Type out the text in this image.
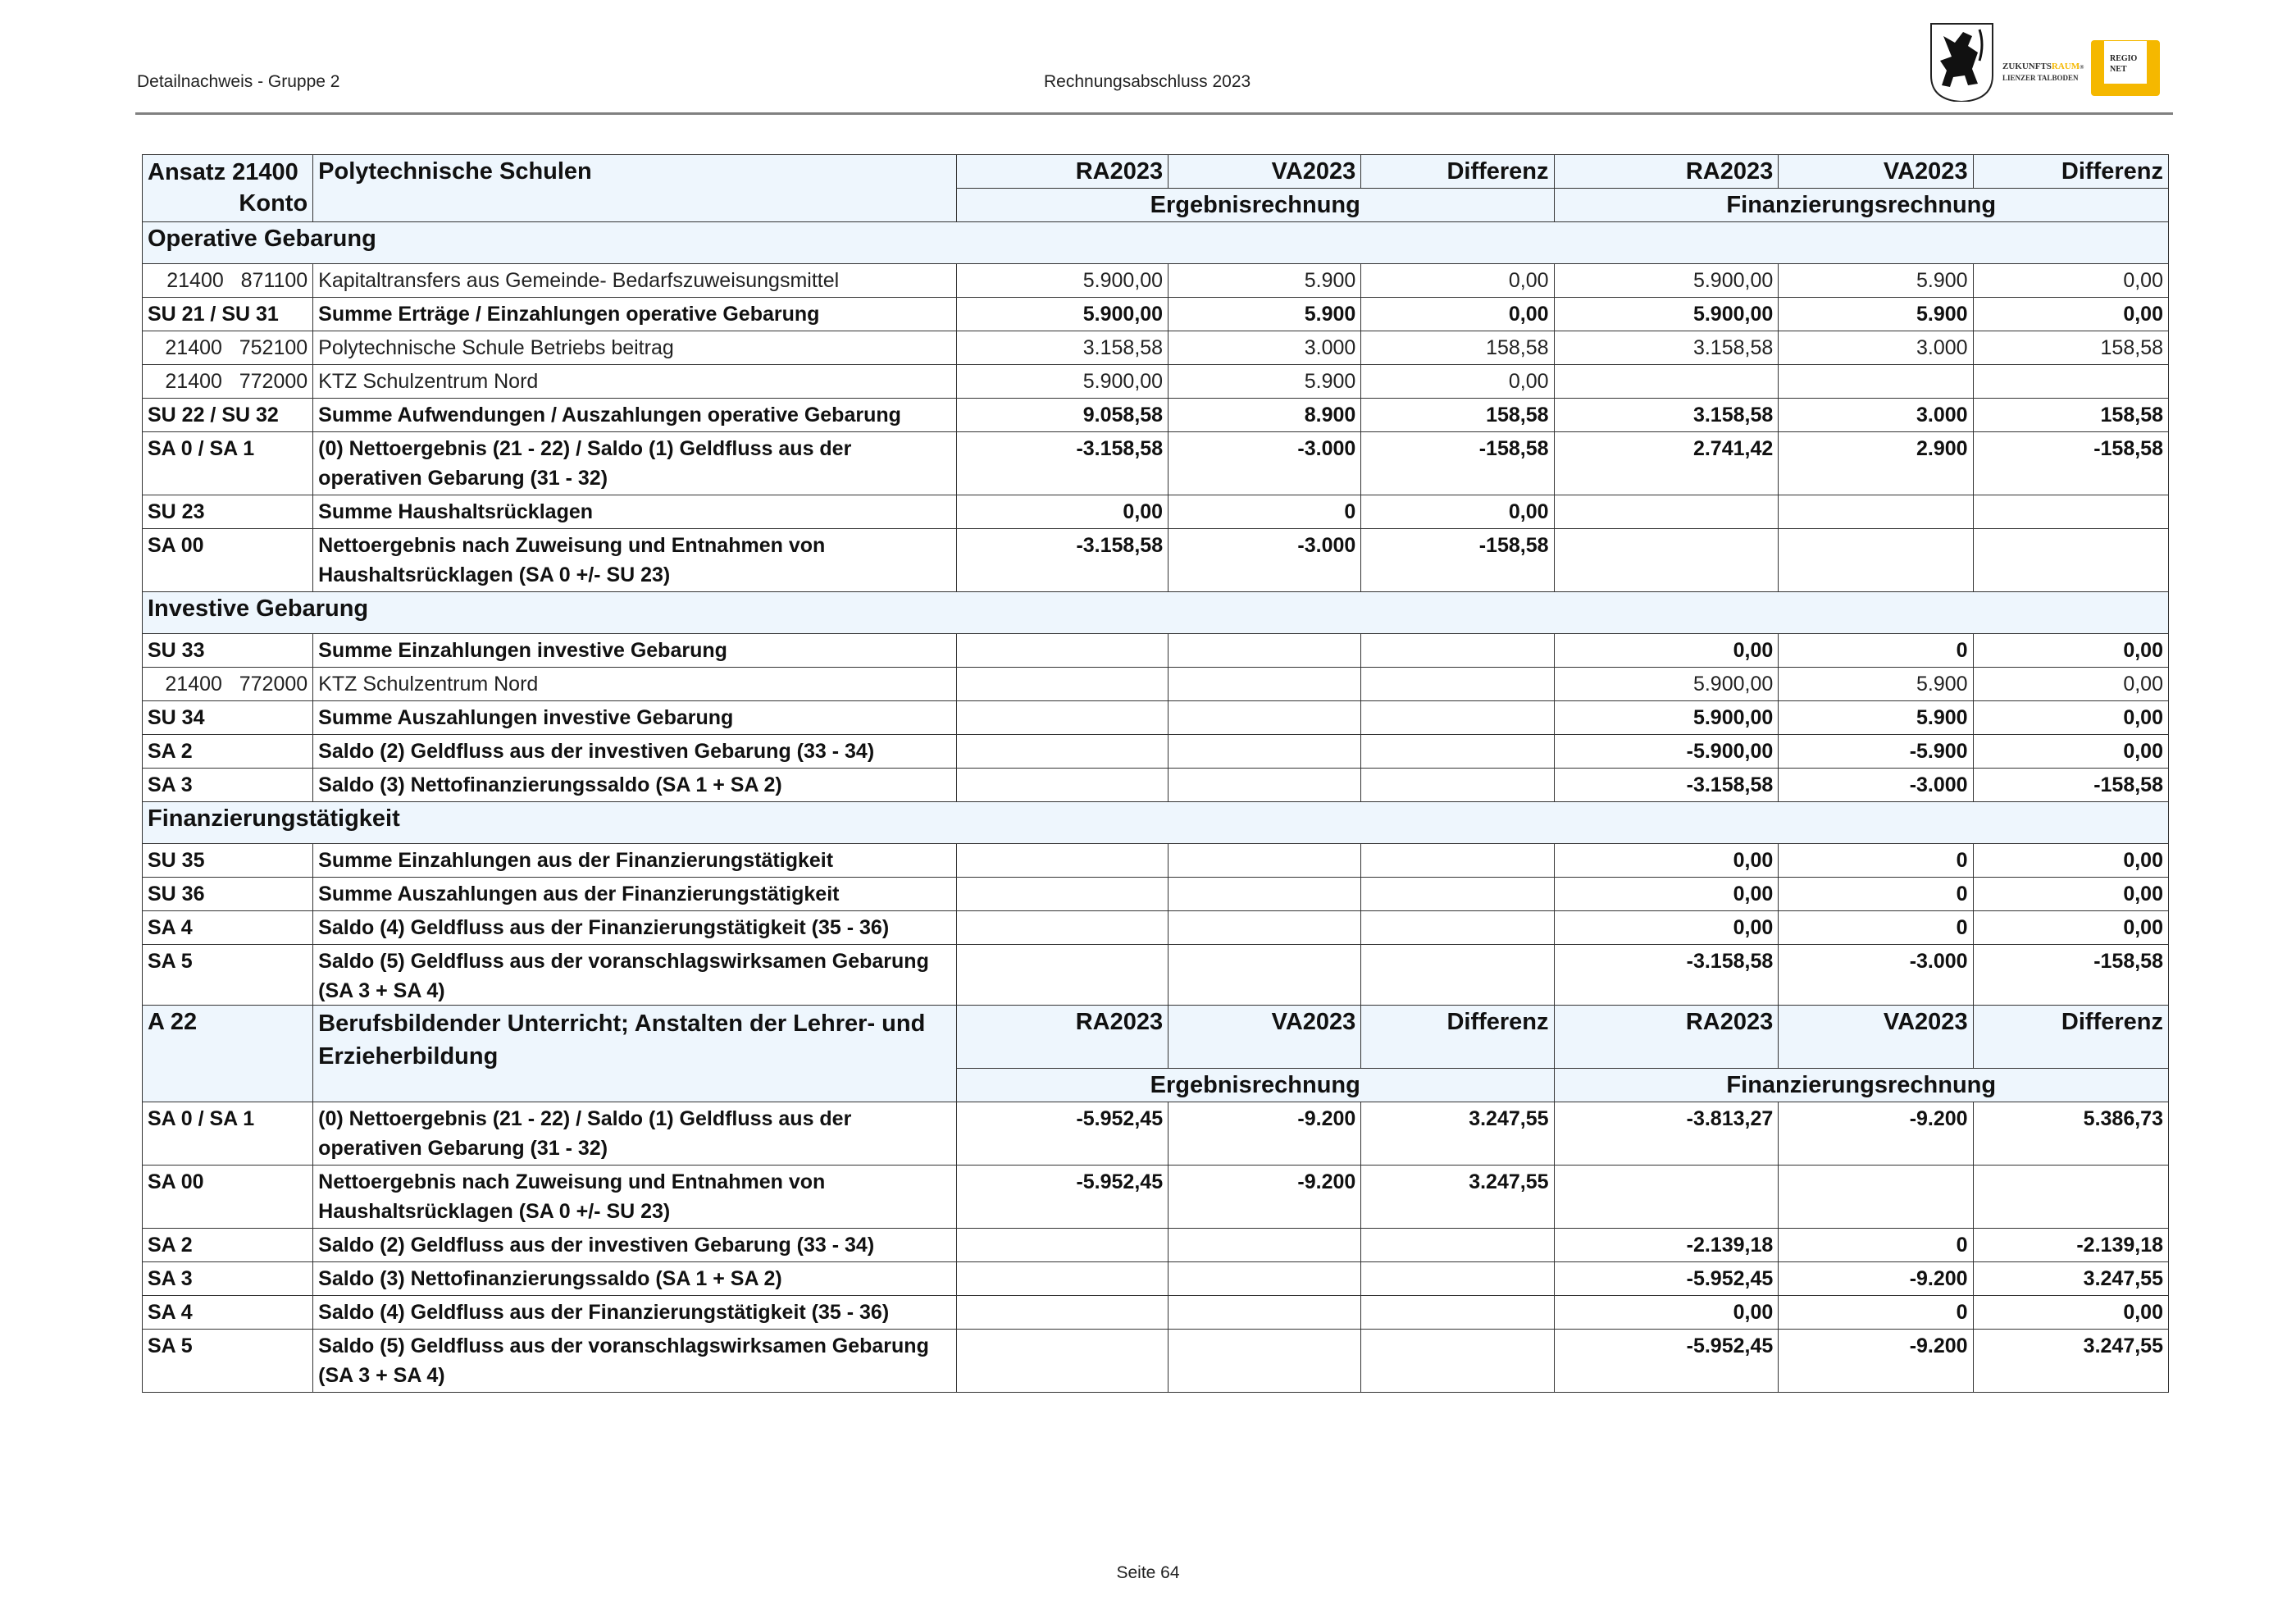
Detailnachweis - Gruppe 2	Rechnungsabschluss 2023
ZUKUNFTSRAUM®
LIENZER TALBODEN
REGIO
NET
Ansatz 21400
Konto	Polytechnische Schulen	RA2023	VA2023	Differenz	RA2023	VA2023	Differenz
		Ergebnisrechnung			Finanzierungsrechnung		
Operative Gebarung							
21400   871100	Kapitaltransfers aus Gemeinde- Bedarfszuweisungsmittel	5.900,00	5.900	0,00	5.900,00	5.900	0,00
SU 21 / SU 31	Summe Erträge / Einzahlungen operative Gebarung	5.900,00	5.900	0,00	5.900,00	5.900	0,00
21400   752100	Polytechnische Schule Betriebs beitrag	3.158,58	3.000	158,58	3.158,58	3.000	158,58
21400   772000	KTZ Schulzentrum Nord	5.900,00	5.900	0,00			
SU 22 / SU 32	Summe Aufwendungen / Auszahlungen operative Gebarung	9.058,58	8.900	158,58	3.158,58	3.000	158,58
SA 0 / SA 1	(0) Nettoergebnis (21 - 22) / Saldo (1) Geldfluss aus der operativen Gebarung (31 - 32)	-3.158,58	-3.000	-158,58	2.741,42	2.900	-158,58
SU 23	Summe Haushaltsrücklagen	0,00	0	0,00			
SA 00	Nettoergebnis nach Zuweisung und Entnahmen von Haushaltsrücklagen (SA 0 +/- SU 23)	-3.158,58	-3.000	-158,58			
Investive Gebarung							
SU 33	Summe Einzahlungen investive Gebarung				0,00	0	0,00
21400   772000	KTZ Schulzentrum Nord				5.900,00	5.900	0,00
SU 34	Summe Auszahlungen investive Gebarung				5.900,00	5.900	0,00
SA 2	Saldo (2) Geldfluss aus der investiven Gebarung (33 - 34)				-5.900,00	-5.900	0,00
SA 3	Saldo (3) Nettofinanzierungssaldo (SA 1 + SA 2)				-3.158,58	-3.000	-158,58
Finanzierungstätigkeit							
SU 35	Summe Einzahlungen aus der Finanzierungstätigkeit				0,00	0	0,00
SU 36	Summe Auszahlungen aus der Finanzierungstätigkeit				0,00	0	0,00
SA 4	Saldo (4) Geldfluss aus der Finanzierungstätigkeit (35 - 36)				0,00	0	0,00
SA 5	Saldo (5) Geldfluss aus der voranschlagswirksamen Gebarung (SA 3 + SA 4)				-3.158,58	-3.000	-158,58
A 22	Berufsbildender Unterricht; Anstalten der Lehrer- und Erzieherbildung	RA2023	VA2023	Differenz	RA2023	VA2023	Differenz
		Ergebnisrechnung			Finanzierungsrechnung		
SA 0 / SA 1	(0) Nettoergebnis (21 - 22) / Saldo (1) Geldfluss aus der operativen Gebarung (31 - 32)	-5.952,45	-9.200	3.247,55	-3.813,27	-9.200	5.386,73
SA 00	Nettoergebnis nach Zuweisung und Entnahmen von Haushaltsrücklagen (SA 0 +/- SU 23)	-5.952,45	-9.200	3.247,55			
SA 2	Saldo (2) Geldfluss aus der investiven Gebarung (33 - 34)				-2.139,18	0	-2.139,18
SA 3	Saldo (3) Nettofinanzierungssaldo (SA 1 + SA 2)				-5.952,45	-9.200	3.247,55
SA 4	Saldo (4) Geldfluss aus der Finanzierungstätigkeit (35 - 36)				0,00	0	0,00
SA 5	Saldo (5) Geldfluss aus der voranschlagswirksamen Gebarung (SA 3 + SA 4)				-5.952,45	-9.200	3.247,55
Seite 64
